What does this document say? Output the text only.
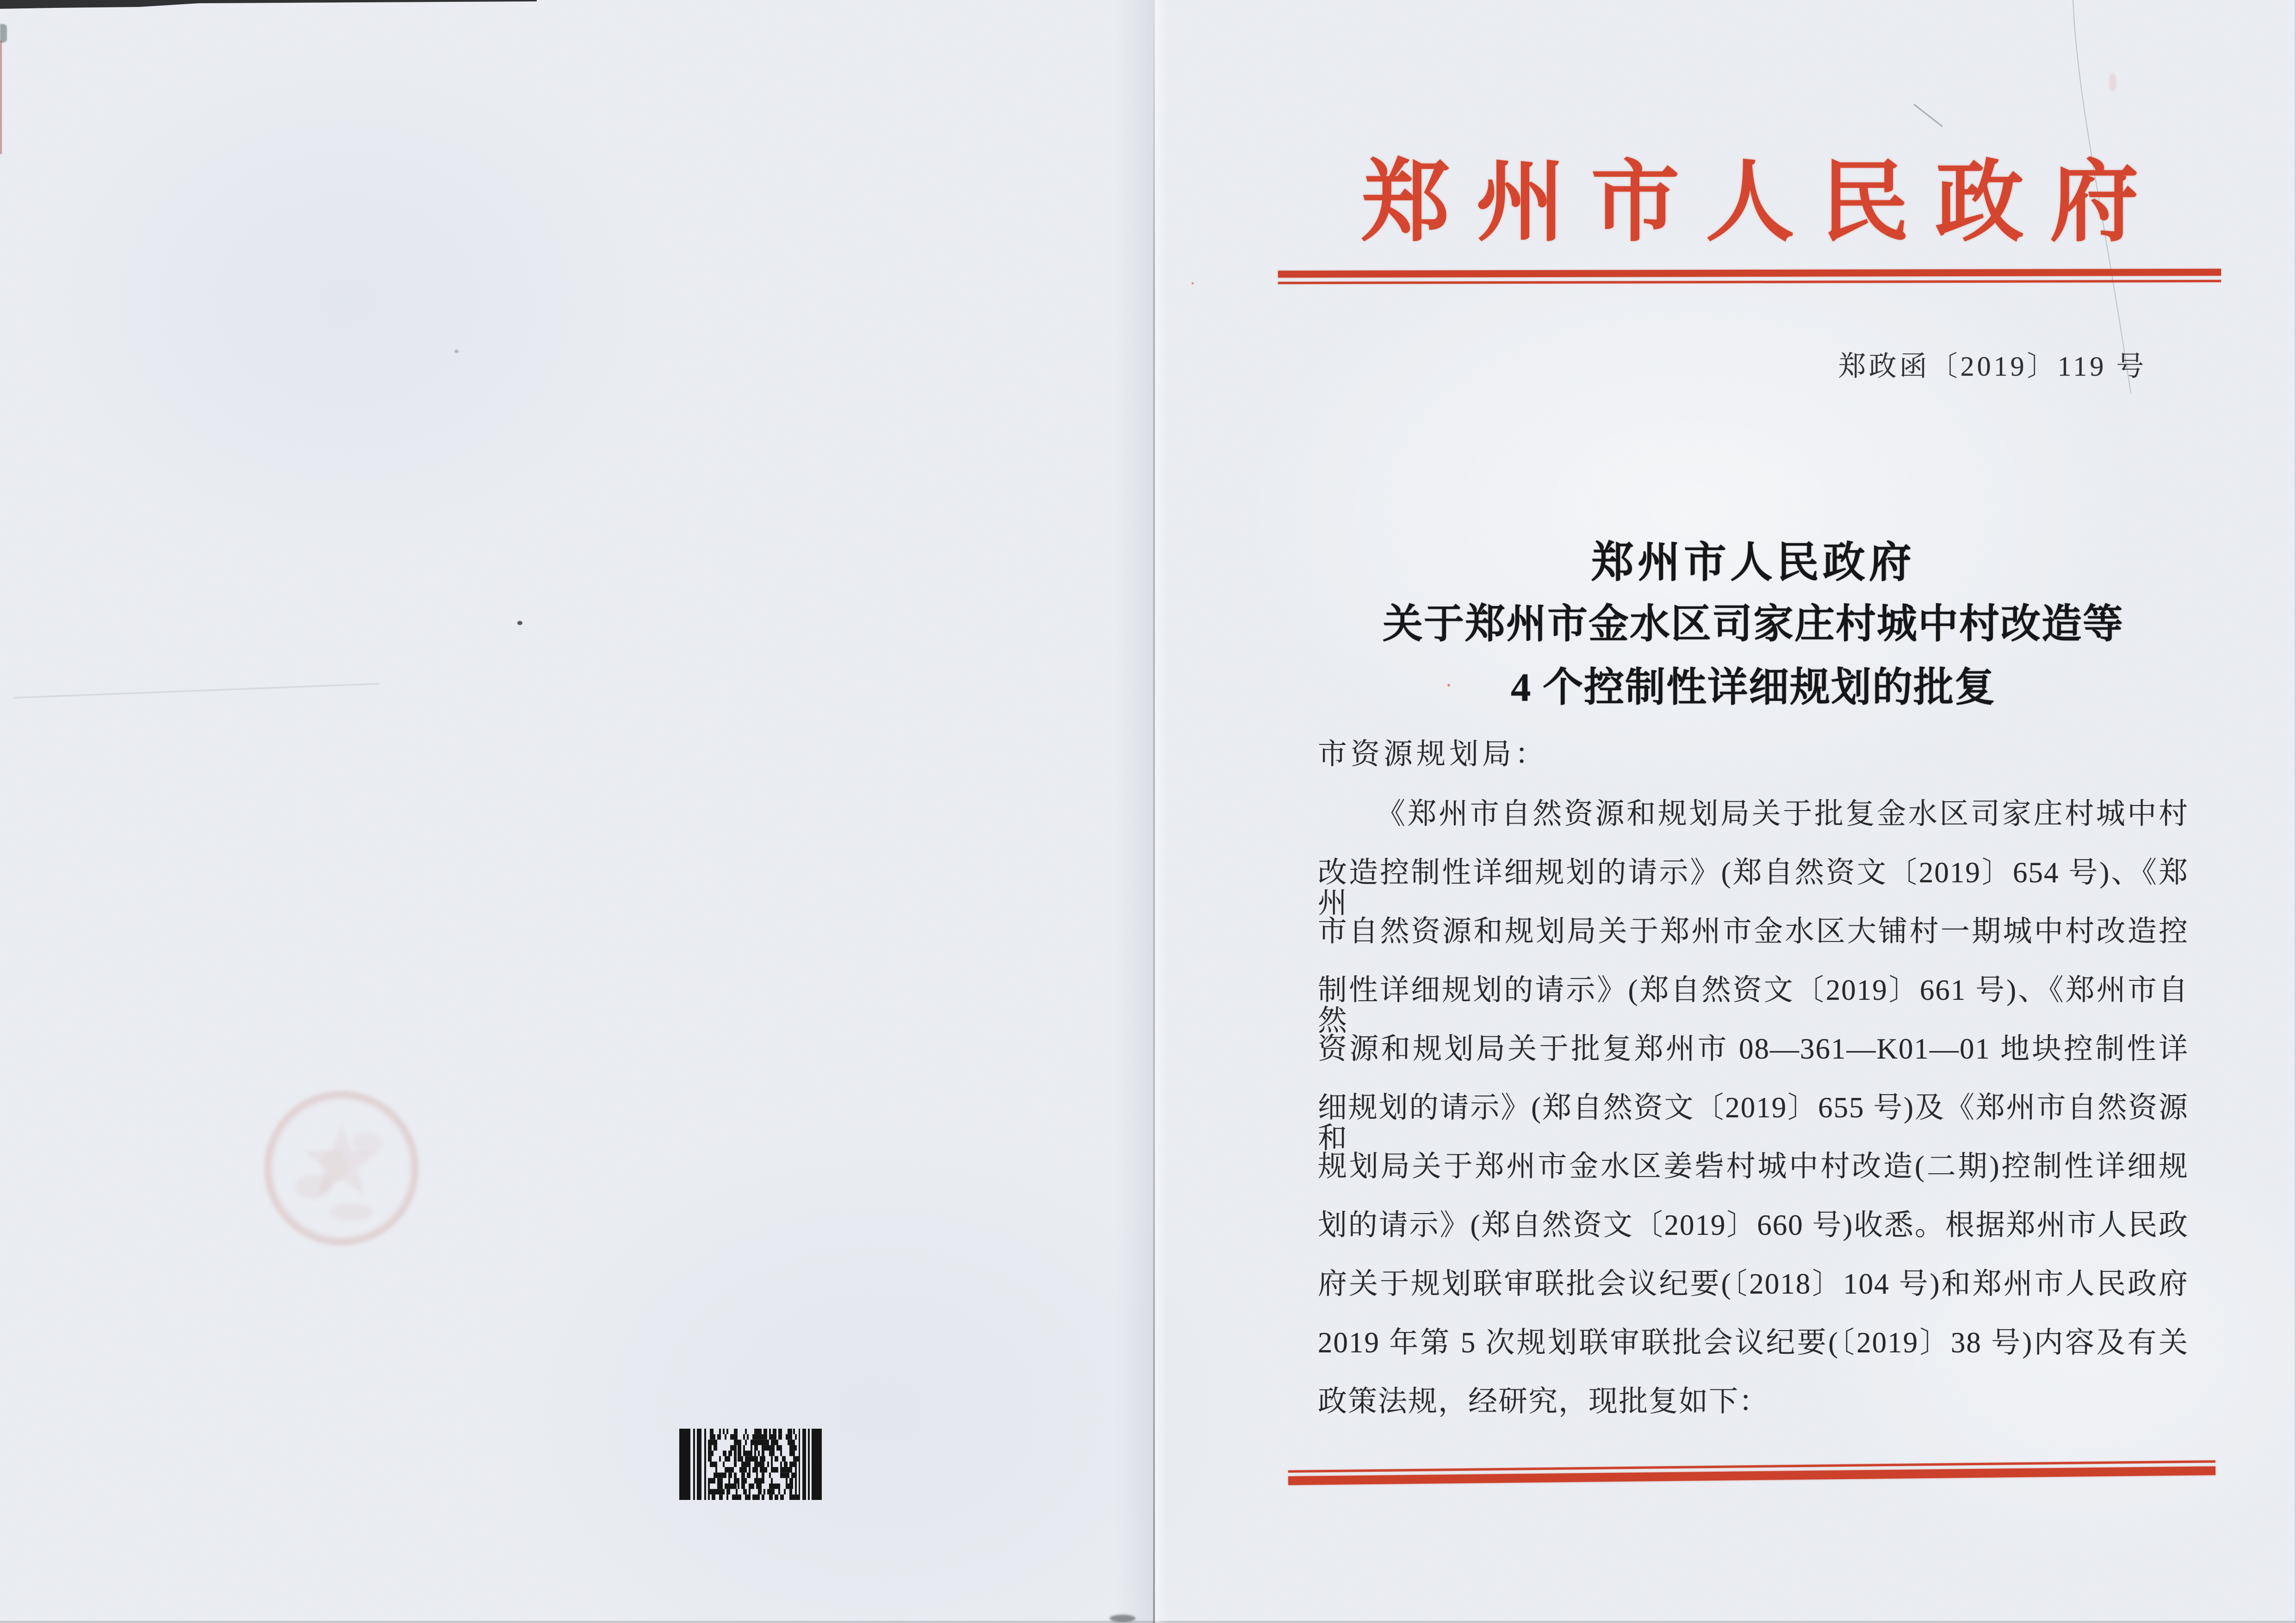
郑州市人民政府
郑政函〔2019〕119 号
郑州市人民政府
关于郑州市金水区司家庄村城中村改造等
4 个控制性详细规划的批复
市资源规划局：
《郑州市自然资源和规划局关于批复金水区司家庄村城中村
改造控制性详细规划的请示》(郑自然资文〔2019〕654 号)、《郑州
市自然资源和规划局关于郑州市金水区大铺村一期城中村改造控
制性详细规划的请示》(郑自然资文〔2019〕661 号)、《郑州市自然
资源和规划局关于批复郑州市 08—361—K01—01 地块控制性详
细规划的请示》(郑自然资文〔2019〕655 号)及《郑州市自然资源和
规划局关于郑州市金水区姜砦村城中村改造(二期)控制性详细规
划的请示》(郑自然资文〔2019〕660 号)收悉。根据郑州市人民政
府关于规划联审联批会议纪要(〔2018〕104 号)和郑州市人民政府
2019 年第 5 次规划联审联批会议纪要(〔2019〕38 号)内容及有关
政策法规，经研究，现批复如下：
